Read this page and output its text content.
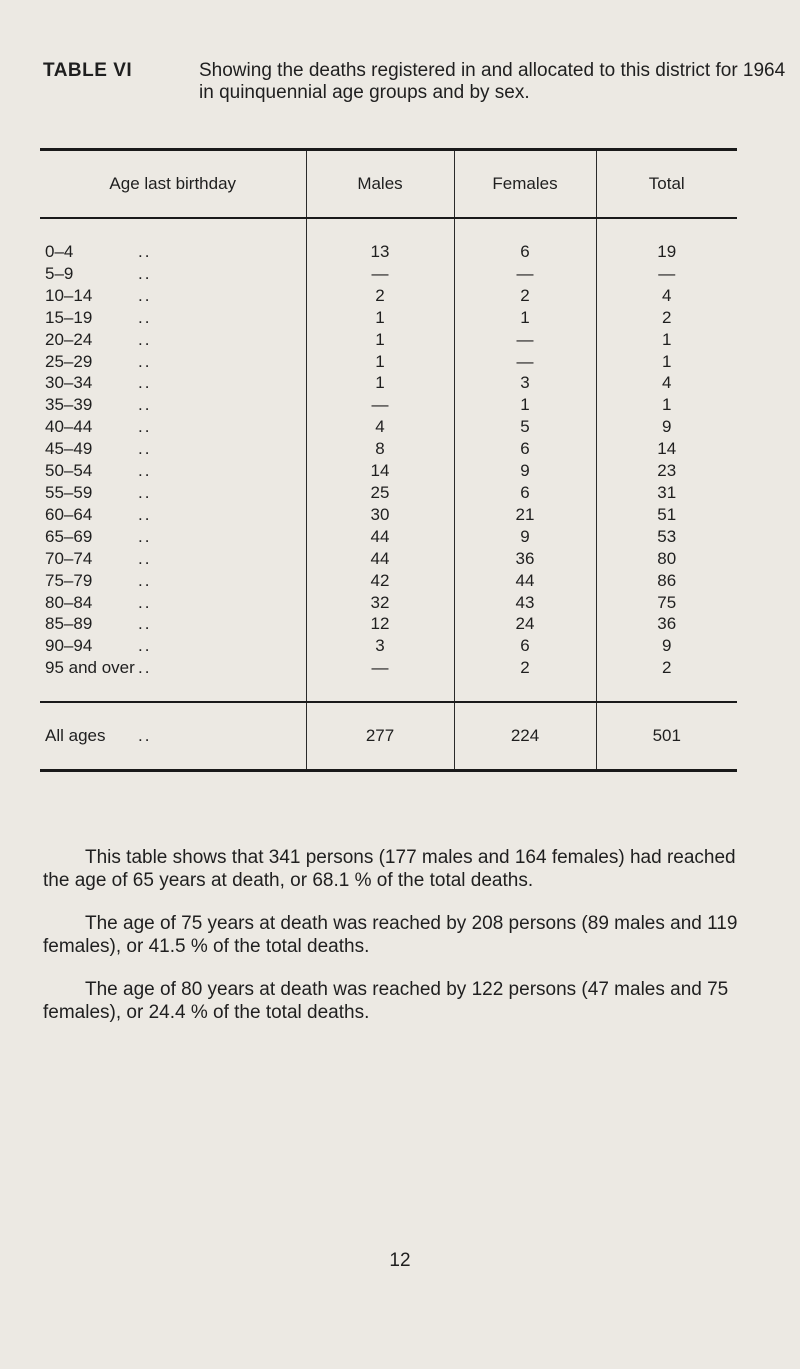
TABLE VI	Showing the deaths registered in and allocated to this district for 1964 in quinquennial age groups and by sex.
Age last birthday	Males	Females	Total
0–4 ..	13	6	19
5–9 ..	—	—	—
10–14 ..	2	2	4
15–19 ..	1	1	2
20–24 ..	1	—	1
25–29 ..	1	—	1
30–34 ..	1	3	4
35–39 ..	—	1	1
40–44 ..	4	5	9
45–49 ..	8	6	14
50–54 ..	14	9	23
55–59 ..	25	6	31
60–64 ..	30	21	51
65–69 ..	44	9	53
70–74 ..	44	36	80
75–79 ..	42	44	86
80–84 ..	32	43	75
85–89 ..	12	24	36
90–94 ..	3	6	9
95 and over ..	—	2	2
All ages ..	277	224	501

This table shows that 341 persons (177 males and 164 females) had reached the age of 65 years at death, or 68.1 % of the total deaths.

The age of 75 years at death was reached by 208 persons (89 males and 119 females), or 41.5 % of the total deaths.

The age of 80 years at death was reached by 122 persons (47 males and 75 females), or 24.4 % of the total deaths.

12
